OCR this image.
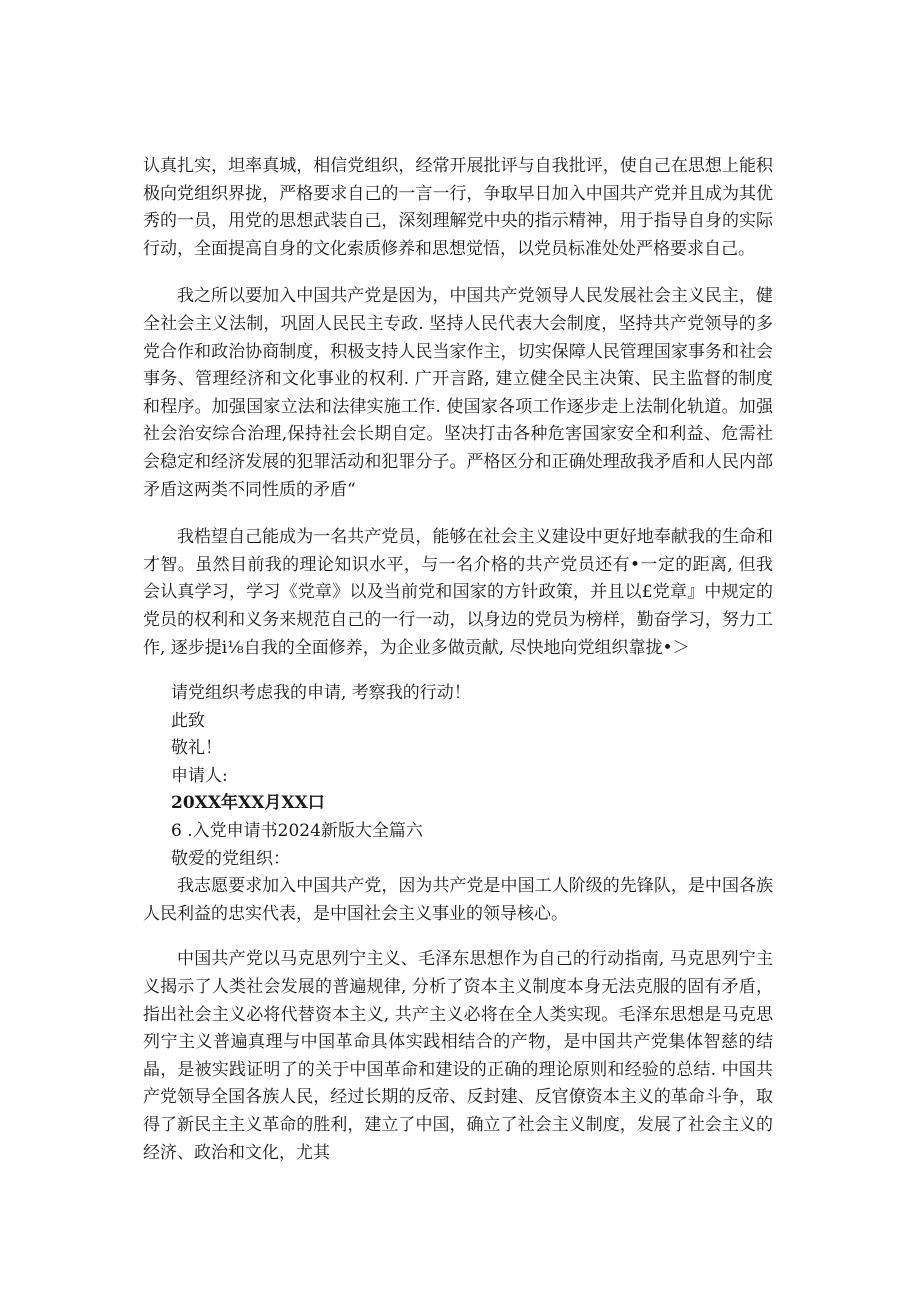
认真扎实，坦率真城，相信党组织，经常开展批评与自我批评，使自己在思想上能积极向党组织界拢，严格要求自己的一言一行，争取早日加入中国共产党并且成为其优秀的一员，用党的思想武装自己，深刻理解党中央的指示精神，用于指导自身的实际行动，全面提高自身的文化索质修养和思想觉悟，以党员标准处处严格要求自己。

我之所以要加入中国共产党是因为，中国共产党领导人民发展社会主义民主，健全社会主义法制，巩固人民民主专政. 坚持人民代表大会制度，坚持共产党领导的多党合作和政治协商制度，积极支持人民当家作主，切实保障人民管理国家事务和社会事务、管理经济和文化事业的权利. 广开言路, 建立健全民主决策、民主监督的制度和程序。加强国家立法和法律实施工作. 使国家各项工作逐步走上法制化轨道。加强社会治安综合治理,保持社会长期自定。坚决打击各种危害国家安全和利益、危需社会稳定和经济发展的犯罪活动和犯罪分子。严格区分和正确处理敌我矛盾和人民内部矛盾这两类不同性质的矛盾“

我梏望自己能成为一名共产党员，能够在社会主义建设中更好地奉献我的生命和才智。虽然目前我的理论知识水平，与一名介格的共产党员还有•一定的距离, 但我会认真学习，学习《党章》以及当前党和国家的方针政策，并且以£党章』中规定的党员的权利和义务来规范自己的一行一动，以身边的党员为榜样，勤奋学习，努力工作, 逐步提i⅛自我的全面修养，为企业多做贡献, 尽快地向党组织靠拢•＞

请党组织考虑我的申请, 考察我的行动！

此致

敬礼！

申请人:

20XX年XX月XX口

6 .入党申请书2024新版大全篇六

敬爱的党组织：

我志愿要求加入中国共产党，因为共产党是中国工人阶级的先锋队，是中国各族人民利益的忠实代表，是中国社会主义事业的领导核心。

中国共产党以马克思列宁主义、毛泽东思想作为自己的行动指南, 马克思列宁主义揭示了人类社会发展的普遍规律, 分析了资本主义制度本身无法克服的固有矛盾，指出社会主义必将代替资本主义, 共产主义必将在全人类实现。毛泽东思想是马克思列宁主义普遍真理与中国革命具体实践相结合的产物，是中国共产党集体智慈的结晶，是被实践证明了的关于中国革命和建设的正确的理论原则和经验的总结. 中国共产党领导全国各族人民，经过长期的反帝、反封建、反官僚资本主义的革命斗争，取得了新民主主义革命的胜利，建立了中国，确立了社会主义制度，发展了社会主义的经济、政治和文化，尤其
